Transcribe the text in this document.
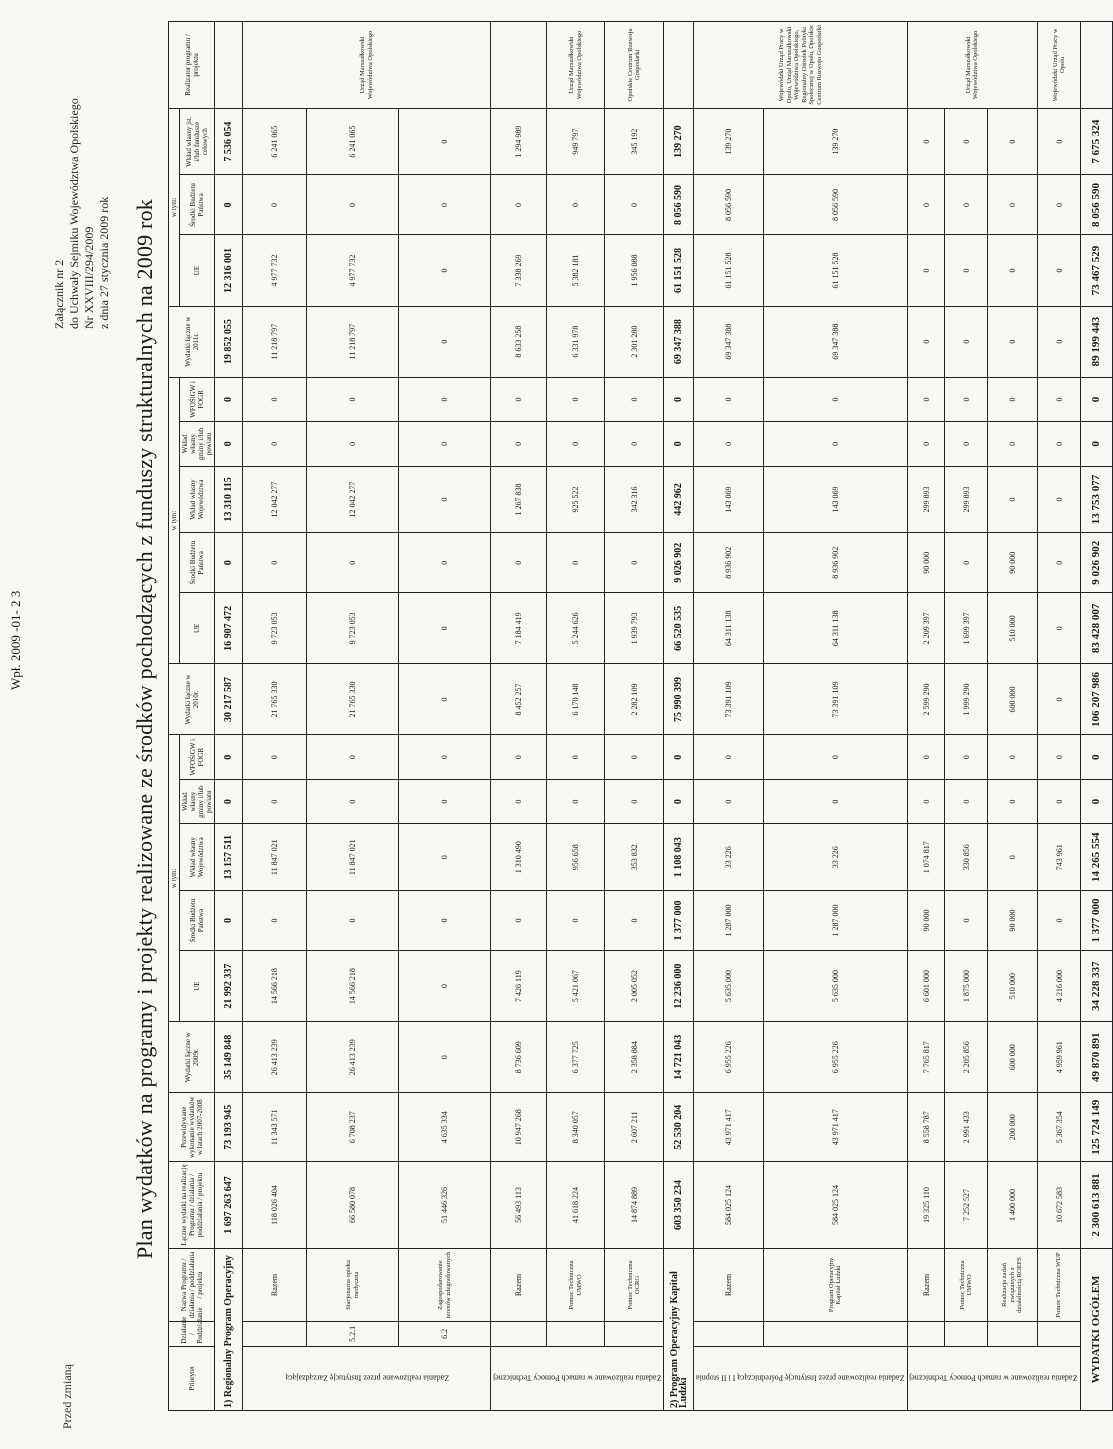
Wpł. 2009 -01- 2 3
Przed zmianą
Załącznik nr 2 do Uchwały Sejmiku Województwa Opolskiego Nr XXVIII/294/2009 z dnia 27 stycznia 2009 rok Plan wydatków na programy i projekty realizowane ze środków pochodzących z funduszy strukturalnych na 2009 rok
Priorytet	Działanie / Poddziałanie	Nazwa Programu / działania / poddziałania / projektu	Łączne wydatki na realizację Programu / działania / poddziałania / projektu	Przewidywane wykonanie wydatków w latach 2007-2008	Wydatki łączne w 2009r.	w tym:					Wydatki łączne w 2010r.	w tym:					Wydatki łączne w 2011r.	w tym:			Realizator programu / projektu
						UE	Środki Budżetu Państwa	Wkład własny Województwa	Wkład własny gminy i/lub powiatu	WFOŚiGW i FOGR		UE	Środki Budżetu Państwa	Wkład własny Województwa	Wkład własny gminy i/lub powiatu	WFOŚiGW i FOGR		UE	Środki Budżetu Państwa	Wkład własny jst. i/lub fundusze celowych	
1) Regionalny Program Operacyjny			1 697 263 647	73 193 945	35 149 848	21 992 337	0	13 157 511	0	0	30 217 587	16 907 472	0	13 310 115	0	0	19 852 055	12 316 001	0	7 536 054	
Zadania realizowane przez Instytucję Zarządzającą		Razem	118 026 404	11 343 571	26 413 239	14 566 218	0	11 847 021	0	0	21 765 330	9 723 053	0	12 042 277	0	0	11 218 797	4 977 732	0	6 241 065	Urząd Marszałkowski Województwa Opolskiego
	5.2.1	Stacjonarna opieka medyczna	66 580 078	6 708 237	26 413 239	14 566 218	0	11 847 021	0	0	21 765 330	9 723 053	0	12 042 277	0	0	11 218 797	4 977 732	0	6 241 065	
	6.2	Zagospodarowanie terenów zdegradowanych	51 446 326	4 635 334	0	0	0	0	0	0	0	0	0	0	0	0	0	0	0	0	
Zadania realizowane w ramach Pomocy Technicznej		Razem	56 493 113	10 947 268	8 736 609	7 426 119	0	1 310 490	0	0	8 452 257	7 184 419	0	1 267 838	0	0	8 633 258	7 338 269	0	1 294 989	
		Pomoc Techniczna UMWO	41 618 224	8 340 057	6 377 725	5 421 067	0	956 658	0	0	6 170 148	5 244 626	0	925 522	0	0	6 331 978	5 382 181	0	949 797	Urząd Marszałkowski Województwa Opolskiego
		Pomoc Techniczna OCRG	14 874 889	2 607 211	2 358 884	2 005 052	0	353 832	0	0	2 282 109	1 939 793	0	342 316	0	0	2 301 280	1 956 088	0	345 192	Opolskie Centrum Rozwoju Gospodarki
2) Program Operacyjny Kapitał Ludzki			603 350 234	52 530 204	14 721 043	12 236 000	1 377 000	1 108 043	0	0	75 990 399	66 520 535	9 026 902	442 962	0	0	69 347 388	61 151 528	8 056 590	139 270	
Zadania realizowane przez Instytucję Pośredniczącą I i II stopnia		Razem	584 025 124	43 971 417	6 955 226	5 635 000	1 287 000	33 226	0	0	73 391 109	64 311 138	8 936 902	143 069	0	0	69 347 388	61 151 528	8 056 590	139 270	Wojewódzki Urząd Pracy w Opolu, Urząd Marszałkowski Województwa Opolskiego, Regionalny Ośrodek Polityki Społecznej w Opolu, Opolskie Centrum Rozwoju Gospodarki
		Program Operacyjny Kapitał Ludzki	584 025 124	43 971 417	6 955 226	5 635 000	1 287 000	33 226	0	0	73 391 109	64 311 138	8 936 902	143 069	0	0	69 347 388	61 151 528	8 056 590	139 270	
Zadania realizowane w ramach Pomocy Technicznej		Razem	19 325 110	8 558 787	7 765 817	6 601 000	90 000	1 074 817	0	0	2 599 290	2 209 397	90 000	299 893	0	0	0	0	0	0	Urząd Marszałkowski Województwa Opolskiego
		Pomoc Techniczna UMWO	7 252 527	2 991 433	2 205 856	1 875 000	0	330 856	0	0	1 999 290	1 699 397	0	299 893	0	0	0	0	0	0	
		Realizacja zadań związanych z działalnością ROEFS	1 400 000	200 000	600 000	510 000	90 000	0	0	0	600 000	510 000	90 000	0	0	0	0	0	0	0	
		Pomoc Techniczna WUP	10 672 583	5 367 354	4 959 961	4 216 000	0	743 961	0	0	0	0	0	0	0	0	0	0	0	0	Wojewódzki Urząd Pracy w Opolu
WYDATKI OGÓŁEM			2 300 613 881	125 724 149	49 870 891	34 228 337	1 377 000	14 265 554	0	0	106 207 986	83 428 007	9 026 902	13 753 077	0	0	89 199 443	73 467 529	8 056 590	7 675 324	
